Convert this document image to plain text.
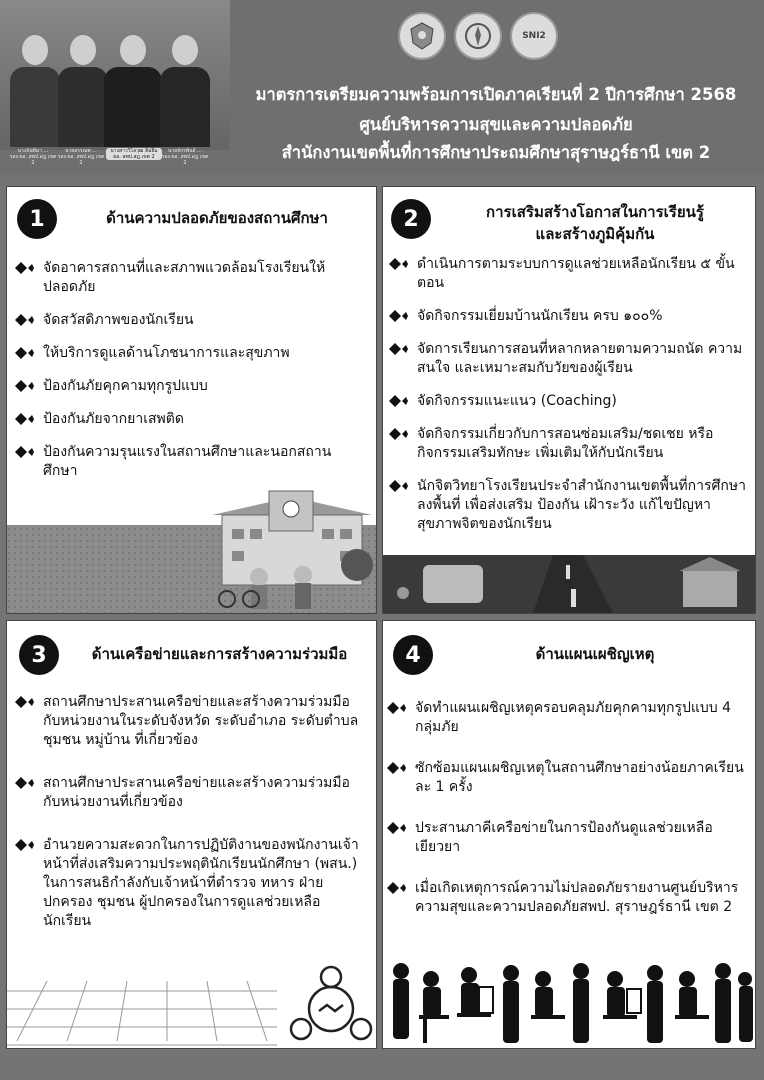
นางจันทิมา ...
รอง ผอ. สพป.สฎ เขต 2
นายอรรณพ ...
รอง ผอ. สพป.สฎ เขต 2
นางสาววิไลวุฒ ลิ่มยิ้ม
ผอ. สพป.สฎ เขต 2
นายจักรพันธ์ ...
รอง ผอ. สพป.สฎ เขต 2
SNI2
มาตรการเตรียมความพร้อมการเปิดภาคเรียนที่ 2 ปีการศึกษา 2568
ศูนย์บริหารความสุขและความปลอดภัย
สำนักงานเขตพื้นที่การศึกษาประถมศึกษาสุราษฎร์ธานี เขต 2
1	ด้านความปลอดภัยของสถานศึกษา
จัดอาคารสถานที่และสภาพแวดล้อมโรงเรียนให้ปลอดภัย
จัดสวัสดิภาพของนักเรียน
ให้บริการดูแลด้านโภชนาการและสุขภาพ
ป้องกันภัยคุกคามทุกรูปแบบ
ป้องกันภัยจากยาเสพติด
ป้องกันความรุนแรงในสถานศึกษาและนอกสถานศึกษา
2	การเสริมสร้างโอกาสในการเรียนรู้
และสร้างภูมิคุ้มกัน
ดำเนินการตามระบบการดูแลช่วยเหลือนักเรียน ๕ ขั้นตอน
จัดกิจกรรมเยี่ยมบ้านนักเรียน ครบ ๑๐๐%
จัดการเรียนการสอนที่หลากหลายตามความถนัด ความสนใจ และเหมาะสมกับวัยของผู้เรียน
จัดกิจกรรมแนะแนว (Coaching)
จัดกิจกรรมเกี่ยวกับการสอนซ่อมเสริม/ชดเชย หรือกิจกรรมเสริมทักษะ เพิ่มเติมให้กับนักเรียน
นักจิตวิทยาโรงเรียนประจำสำนักงานเขตพื้นที่การศึกษาลงพื้นที่ เพื่อส่งเสริม ป้องกัน เฝ้าระวัง แก้ไขปัญหาสุขภาพจิตของนักเรียน
3	ด้านเครือข่ายและการสร้างความร่วมมือ
สถานศึกษาประสานเครือข่ายและสร้างความร่วมมือกับหน่วยงานในระดับจังหวัด ระดับอำเภอ ระดับตำบล ชุมชน หมู่บ้าน ที่เกี่ยวข้อง
สถานศึกษาประสานเครือข่ายและสร้างความร่วมมือกับหน่วยงานที่เกี่ยวข้อง
อำนวยความสะดวกในการปฏิบัติงานของพนักงานเจ้าหน้าที่ส่งเสริมความประพฤตินักเรียนนักศึกษา (พสน.) ในการสนธิกำลังกับเจ้าหน้าที่ตำรวจ ทหาร ฝ่ายปกครอง ชุมชน ผู้ปกครองในการดูแลช่วยเหลือนักเรียน
4	ด้านแผนเผชิญเหตุ
จัดทำแผนเผชิญเหตุครอบคลุมภัยคุกคามทุกรูปแบบ 4 กลุ่มภัย
ซักซ้อมแผนเผชิญเหตุในสถานศึกษาอย่างน้อยภาคเรียนละ 1 ครั้ง
ประสานภาคีเครือข่ายในการป้องกันดูแลช่วยเหลือ เยียวยา
เมื่อเกิดเหตุการณ์ความไม่ปลอดภัยรายงานศูนย์บริหารความสุขและความปลอดภัยสพป. สุราษฎร์ธานี เขต 2
